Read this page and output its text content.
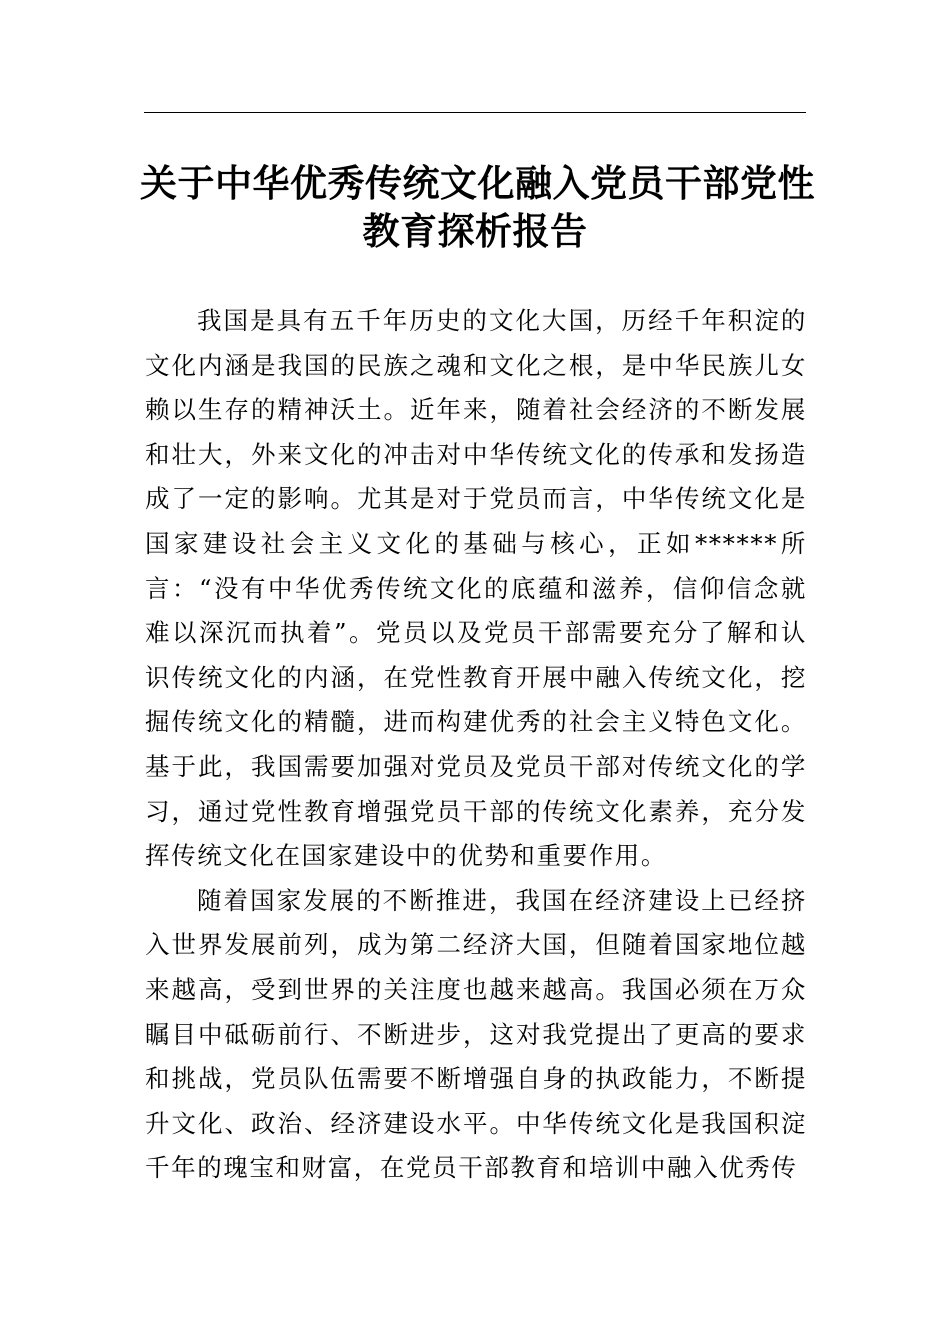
关于中华优秀传统文化融入党员干部党性
教育探析报告

我国是具有五千年历史的文化大国，历经千年积淀的文化内涵是我国的民族之魂和文化之根，是中华民族儿女赖以生存的精神沃土。近年来，随着社会经济的不断发展和壮大，外来文化的冲击对中华传统文化的传承和发扬造成了一定的影响。尤其是对于党员而言，中华传统文化是国家建设社会主义文化的基础与核心，正如******所言：“没有中华优秀传统文化的底蕴和滋养，信仰信念就难以深沉而执着”。党员以及党员干部需要充分了解和认识传统文化的内涵，在党性教育开展中融入传统文化，挖掘传统文化的精髓，进而构建优秀的社会主义特色文化。基于此，我国需要加强对党员及党员干部对传统文化的学习，通过党性教育增强党员干部的传统文化素养，充分发挥传统文化在国家建设中的优势和重要作用。

随着国家发展的不断推进，我国在经济建设上已经挤入世界发展前列，成为第二经济大国，但随着国家地位越来越高，受到世界的关注度也越来越高。我国必须在万众瞩目中砥砺前行、不断进步，这对我党提出了更高的要求和挑战，党员队伍需要不断增强自身的执政能力，不断提升文化、政治、经济建设水平。中华传统文化是我国积淀千年的瑰宝和财富，在党员干部教育和培训中融入优秀传
